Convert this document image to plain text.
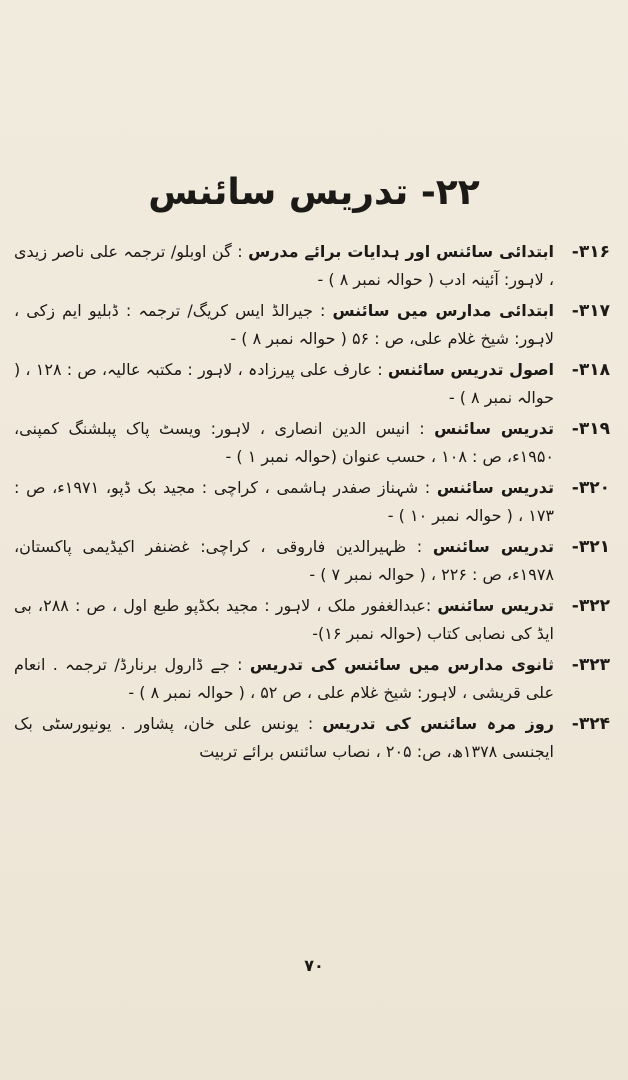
۲۲- تدریس سائنس
۳۱۶-
ابتدائی سائنس اور ہدایات برائے مدرس : گن اوبلو/ ترجمہ علی ناصر زیدی ، لاہور: آئینہ ادب ( حوالہ نمبر ۸ ) -
۳۱۷-
ابتدائی مدارس میں سائنس : جیرالڈ ایس کریگ/ ترجمہ : ڈبلیو ایم زکی ، لاہور: شیخ غلام علی، ص : ۵۶ ( حوالہ نمبر ۸ ) -
۳۱۸-
اصول تدریس سائنس : عارف علی پیرزادہ ، لاہور : مکتبہ عالیہ، ص : ۱۲۸ ، ( حوالہ نمبر ۸ ) -
۳۱۹-
تدریس سائنس : انیس الدین انصاری ، لاہور: ویسٹ پاک پبلشنگ کمپنی، ۱۹۵۰ء، ص : ۱۰۸ ، حسب عنوان (حوالہ نمبر ۱ ) -
۳۲۰-
تدریس سائنس : شہناز صفدر ہاشمی ، کراچی : مجید بک ڈپو، ۱۹۷۱ء، ص : ۱۷۳ ، ( حوالہ نمبر ۱۰ ) -
۳۲۱-
تدریس سائنس : ظہیرالدین فاروقی ، کراچی: غضنفر اکیڈیمی پاکستان، ۱۹۷۸ء، ص : ۲۲۶ ، ( حوالہ نمبر ۷ ) -
۳۲۲-
تدریس سائنس :عبدالغفور ملک ، لاہور : مجید بکڈپو طبع اول ، ص : ۲۸۸، بی ایڈ کی نصابی کتاب (حوالہ نمبر ۱۶)-
۳۲۳-
ثانوی مدارس میں سائنس کی تدریس : جے ڈارول برنارڈ/ ترجمہ . انعام علی قریشی ، لاہور: شیخ غلام علی ، ص ۵۲ ، ( حوالہ نمبر ۸ ) -
۳۲۴-
روز مرہ سائنس کی تدریس : یونس علی خان، پشاور . یونیورسٹی بک ایجنسی ۱۳۷۸ھ، ص: ۲۰۵ ، نصاب سائنس برائے تربیت
۷۰
